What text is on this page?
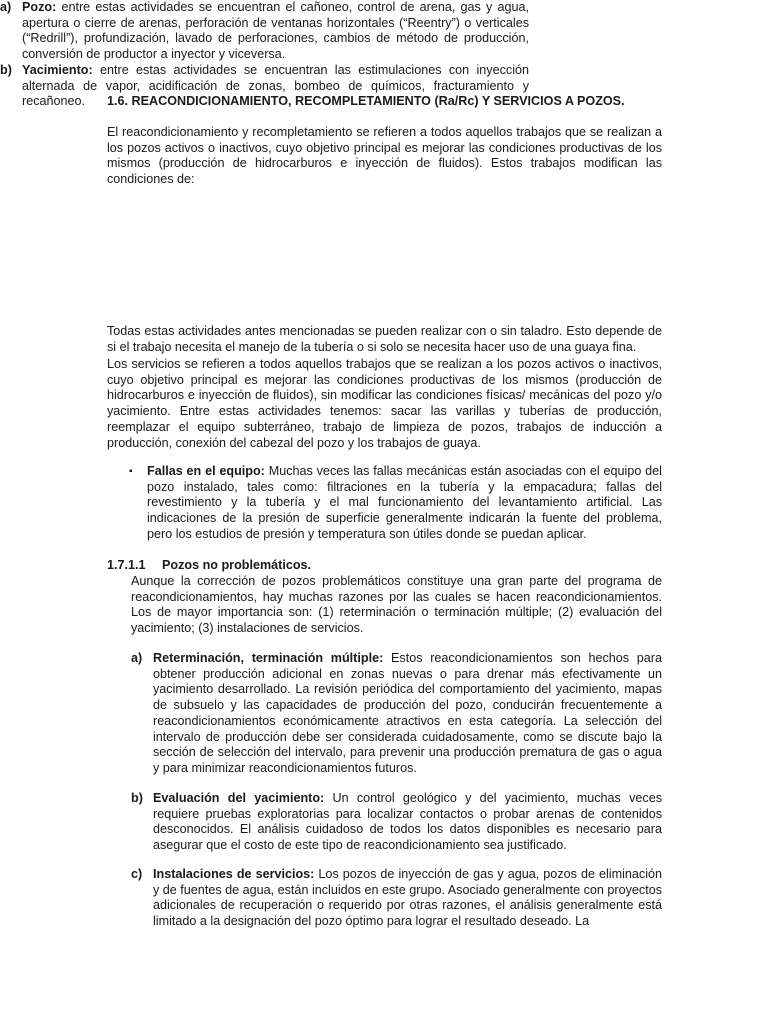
1.6. REACONDICIONAMIENTO, RECOMPLETAMIENTO (Ra/Rc) Y SERVICIOS A POZOS.

El reacondicionamiento y recompletamiento se refieren a todos aquellos trabajos que se realizan a los pozos activos o inactivos, cuyo objetivo principal es mejorar las condiciones productivas de los mismos (producción de hidrocarburos e inyección de fluidos). Estos trabajos modifican las condiciones de:

a) Pozo: entre estas actividades se encuentran el cañoneo, control de arena, gas y agua, apertura o cierre de arenas, perforación de ventanas horizontales (“Reentry”) o verticales (“Redrill”), profundización, lavado de perforaciones, cambios de método de producción, conversión de productor a inyector y viceversa.
b) Yacimiento: entre estas actividades se encuentran las estimulaciones con inyección alternada de vapor, acidificación de zonas, bombeo de químicos, fracturamiento y recañoneo.

Todas estas actividades antes mencionadas se pueden realizar con o sin taladro. Esto depende de si el trabajo necesita el manejo de la tubería o si solo se necesita hacer uso de una guaya fina.

Los servicios se refieren a todos aquellos trabajos que se realizan a los pozos activos o inactivos, cuyo objetivo principal es mejorar las condiciones productivas de los mismos (producción de hidrocarburos e inyección de fluidos), sin modificar las condiciones físicas/ mecánicas del pozo y/o yacimiento. Entre estas actividades tenemos: sacar las varillas y tuberías de producción, reemplazar el equipo subterráneo, trabajo de limpieza de pozos, trabajos de inducción a producción, conexión del cabezal del pozo y los trabajos de guaya.

▪	Fallas en el equipo: Muchas veces las fallas mecánicas están asociadas con el equipo del pozo instalado, tales como: filtraciones en la tubería y la empacadura; fallas del revestimiento y la tubería y el mal funcionamiento del levantamiento artificial. Las indicaciones de la presión de superficie generalmente indicarán la fuente del problema, pero los estudios de presión y temperatura son útiles donde se puedan aplicar.
1.7.1.1 Pozos no problemáticos.

Aunque la corrección de pozos problemáticos constituye una gran parte del programa de reacondicionamientos, hay muchas razones por las cuales se hacen reacondicionamientos. Los de mayor importancia son: (1) reterminación o terminación múltiple; (2) evaluación del yacimiento; (3) instalaciones de servicios.

a) Reterminación, terminación múltiple: Estos reacondicionamientos son hechos para obtener producción adicional en zonas nuevas o para drenar más efectivamente un yacimiento desarrollado. La revisión periódica del comportamiento del yacimiento, mapas de subsuelo y las capacidades de producción del pozo, conducirán frecuentemente a reacondicionamientos económicamente atractivos en esta categoría. La selección del intervalo de producción debe ser considerada cuidadosamente, como se discute bajo la sección de selección del intervalo, para prevenir una producción prematura de gas o agua y para minimizar reacondicionamientos futuros.
b) Evaluación del yacimiento: Un control geológico y del yacimiento, muchas veces requiere pruebas exploratorias para localizar contactos o probar arenas de contenidos desconocidos. El análisis cuidadoso de todos los datos disponibles es necesario para asegurar que el costo de este tipo de reacondicionamiento sea justificado.
c) Instalaciones de servicios: Los pozos de inyección de gas y agua, pozos de eliminación y de fuentes de agua, están incluidos en este grupo. Asociado generalmente con proyectos adicionales de recuperación o requerido por otras razones, el análisis generalmente está limitado a la designación del pozo óptimo para lograr el resultado deseado. La
